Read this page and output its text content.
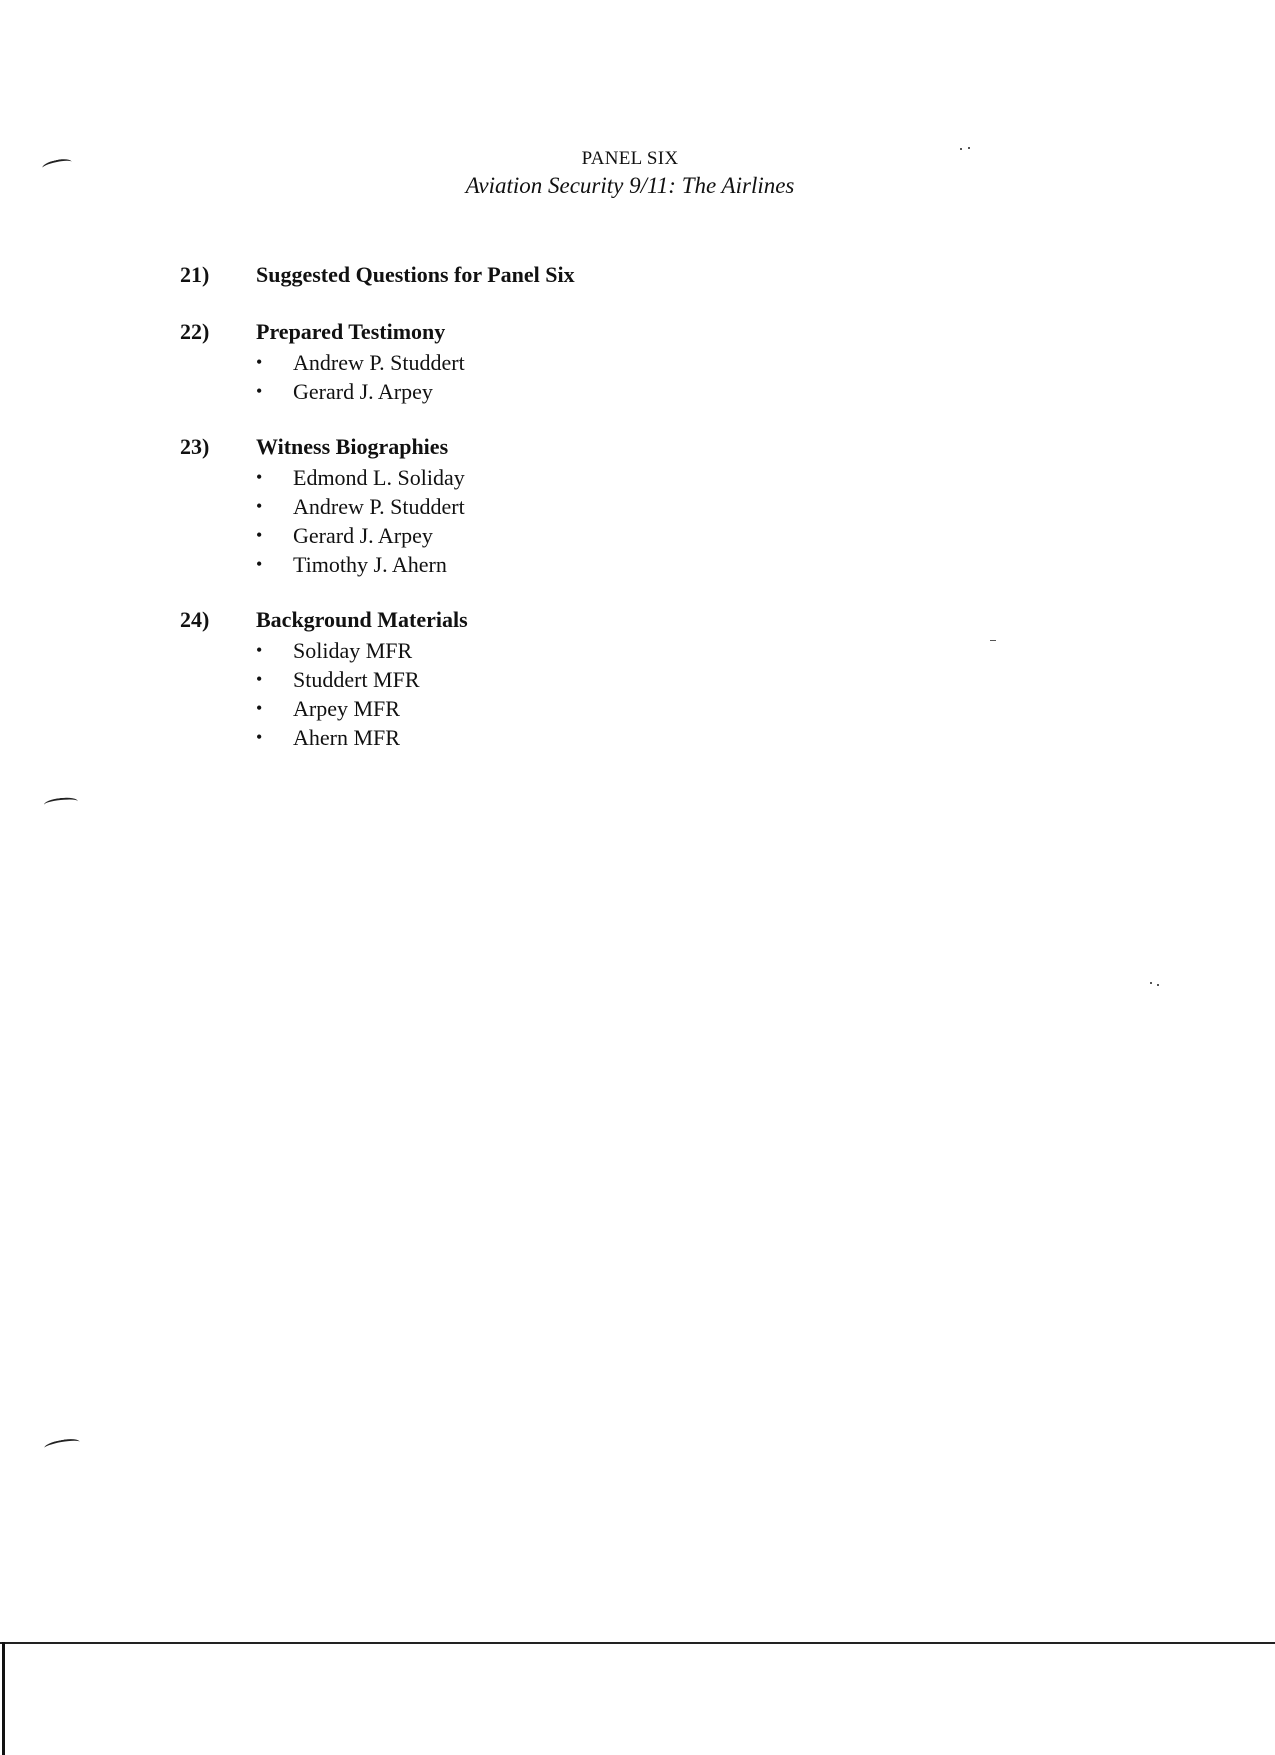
PANEL SIX
Aviation Security 9/11: The Airlines
21) Suggested Questions for Panel Six
22) Prepared Testimony
• Andrew P. Studdert
• Gerard J. Arpey
23) Witness Biographies
• Edmond L. Soliday
• Andrew P. Studdert
• Gerard J. Arpey
• Timothy J. Ahern
24) Background Materials
• Soliday MFR
• Studdert MFR
• Arpey MFR
• Ahern MFR
